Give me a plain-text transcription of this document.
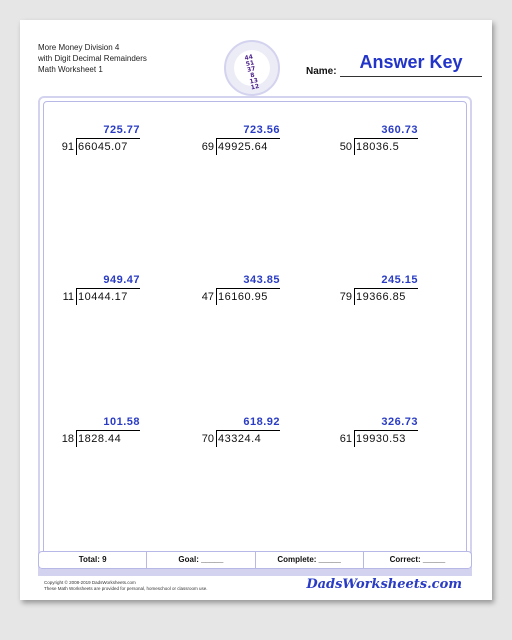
More Money Division 4
with Digit Decimal Remainders
Math Worksheet 1
44
51
37
8
13
12
Name:	Answer Key
725.77
91 66045.07
723.56
69 49925.64
360.73
50 18036.5
949.47
11 10444.17
343.85
47 16160.95
245.15
79 19366.85
101.58
18 1828.44
618.92
70 43324.4
326.73
61 19930.53
Total: 9	Goal: _____	Complete: _____	Correct: _____
Copyright © 2008-2019 DadsWorksheets.com
These Math Worksheets are provided for personal, homeschool or classroom use.	DadsWorksheets.com
